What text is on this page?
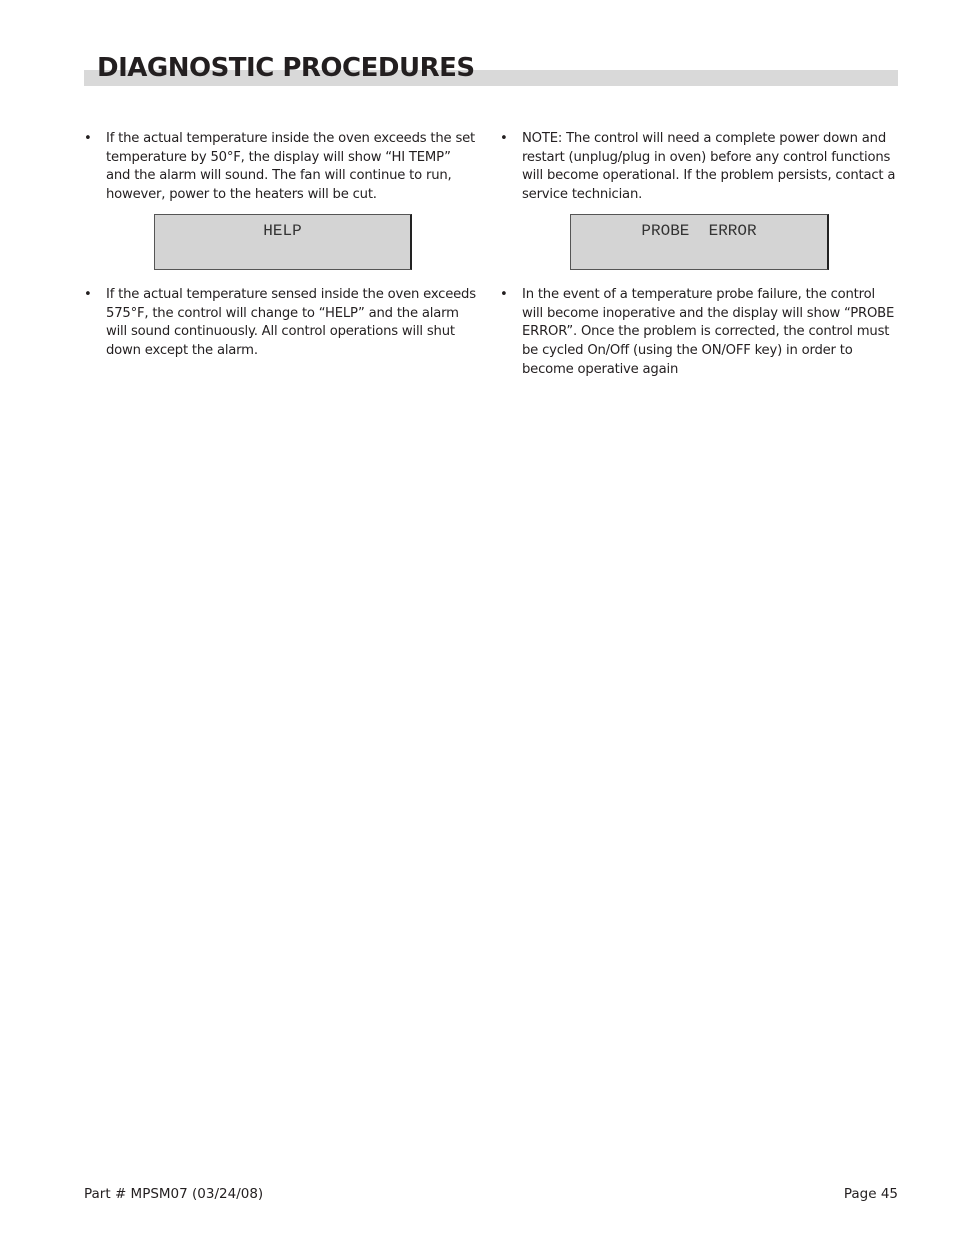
DIAGNOSTIC PROCEDURES
•	If the actual temperature inside the oven exceeds the set temperature by 50°F, the display will show “HI TEMP” and the alarm will sound. The fan will continue to run, however, power to the heaters will be cut.
HELP
•	If the actual temperature sensed inside the oven exceeds 575°F, the control will change to “HELP” and the alarm will sound continuously. All control operations will shut down except the alarm.
•	NOTE: The control will need a complete power down and restart (unplug/plug in oven) before any control functions will become operational. If the problem persists, contact a service technician.
PROBE  ERROR
•	In the event of a temperature probe failure, the control will become inoperative and the display will show “PROBE ERROR”. Once the problem is corrected, the control must be cycled On/Off (using the ON/OFF key) in order to become operative again
Part # MPSM07 (03/24/08)	Page 45
